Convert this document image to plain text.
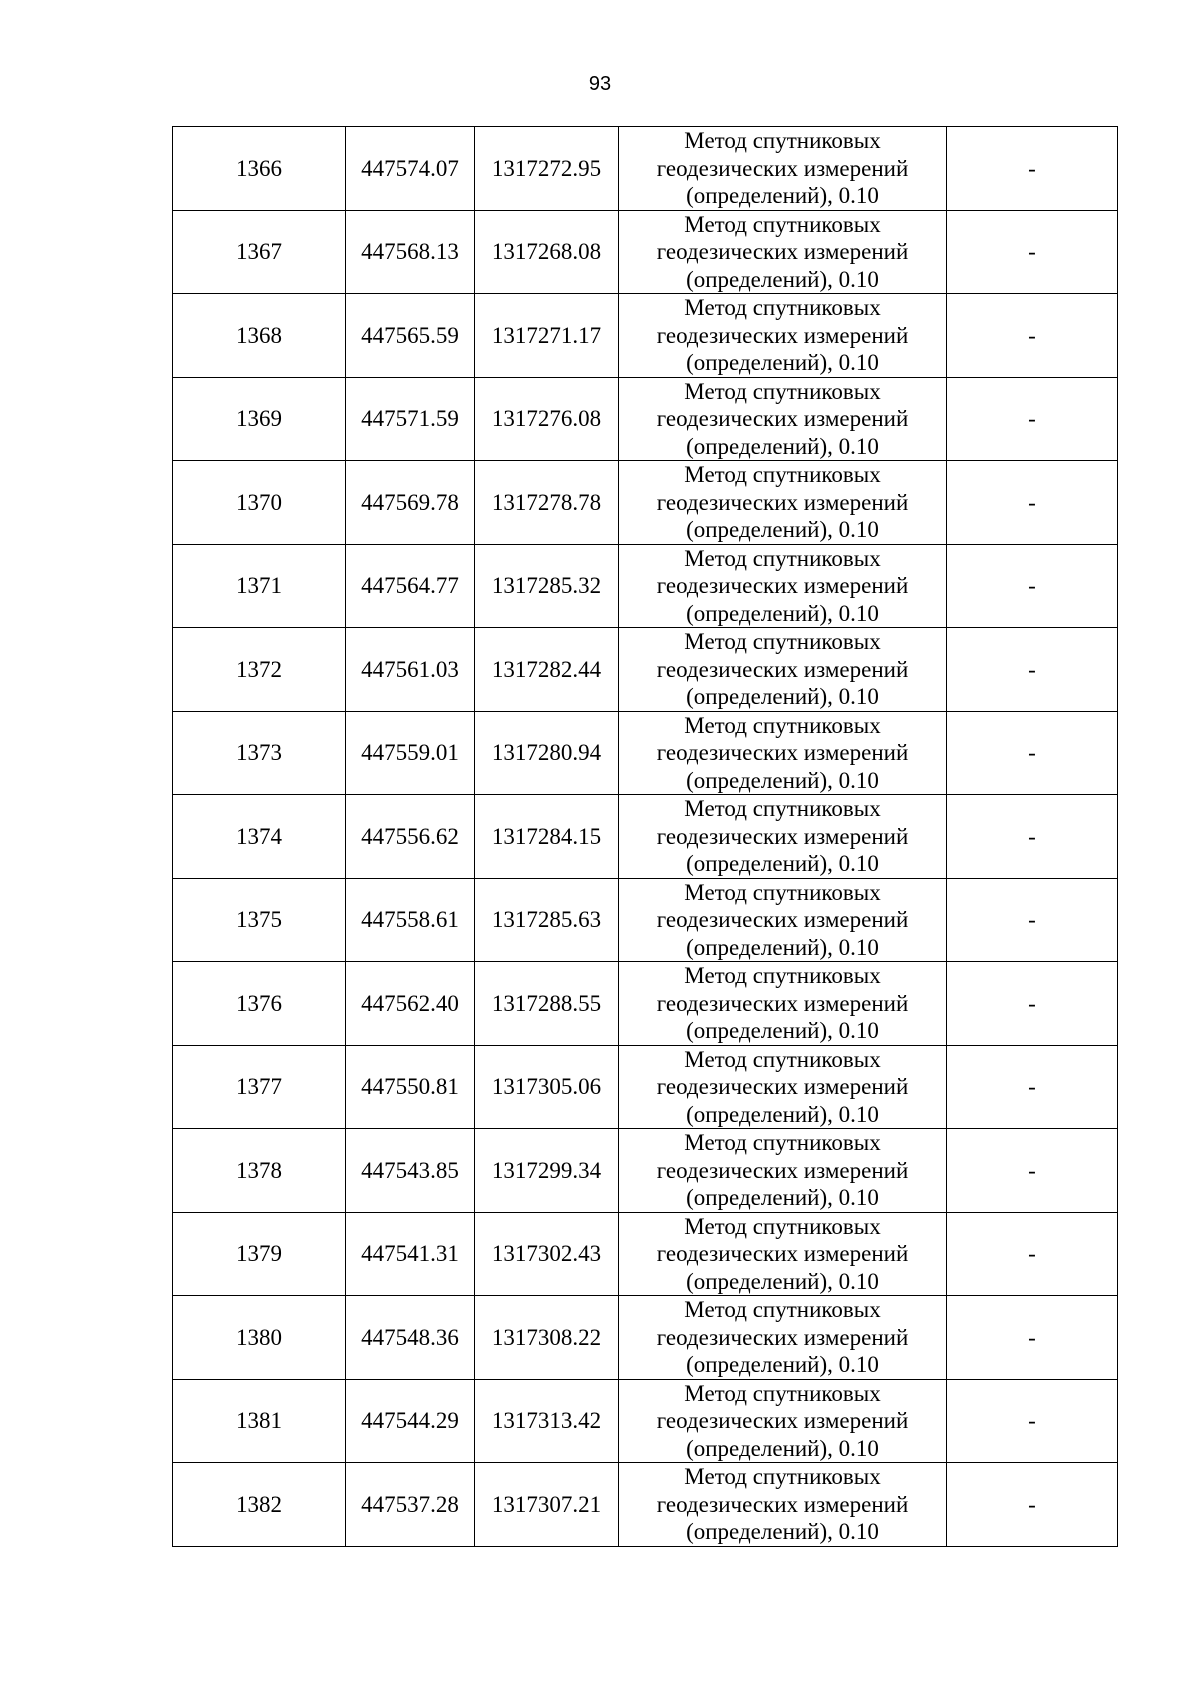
93
1366	447574.07	1317272.95	Метод спутниковых
геодезических измерений
(определений), 0.10	-
1367	447568.13	1317268.08	Метод спутниковых
геодезических измерений
(определений), 0.10	-
1368	447565.59	1317271.17	Метод спутниковых
геодезических измерений
(определений), 0.10	-
1369	447571.59	1317276.08	Метод спутниковых
геодезических измерений
(определений), 0.10	-
1370	447569.78	1317278.78	Метод спутниковых
геодезических измерений
(определений), 0.10	-
1371	447564.77	1317285.32	Метод спутниковых
геодезических измерений
(определений), 0.10	-
1372	447561.03	1317282.44	Метод спутниковых
геодезических измерений
(определений), 0.10	-
1373	447559.01	1317280.94	Метод спутниковых
геодезических измерений
(определений), 0.10	-
1374	447556.62	1317284.15	Метод спутниковых
геодезических измерений
(определений), 0.10	-
1375	447558.61	1317285.63	Метод спутниковых
геодезических измерений
(определений), 0.10	-
1376	447562.40	1317288.55	Метод спутниковых
геодезических измерений
(определений), 0.10	-
1377	447550.81	1317305.06	Метод спутниковых
геодезических измерений
(определений), 0.10	-
1378	447543.85	1317299.34	Метод спутниковых
геодезических измерений
(определений), 0.10	-
1379	447541.31	1317302.43	Метод спутниковых
геодезических измерений
(определений), 0.10	-
1380	447548.36	1317308.22	Метод спутниковых
геодезических измерений
(определений), 0.10	-
1381	447544.29	1317313.42	Метод спутниковых
геодезических измерений
(определений), 0.10	-
1382	447537.28	1317307.21	Метод спутниковых
геодезических измерений
(определений), 0.10	-
